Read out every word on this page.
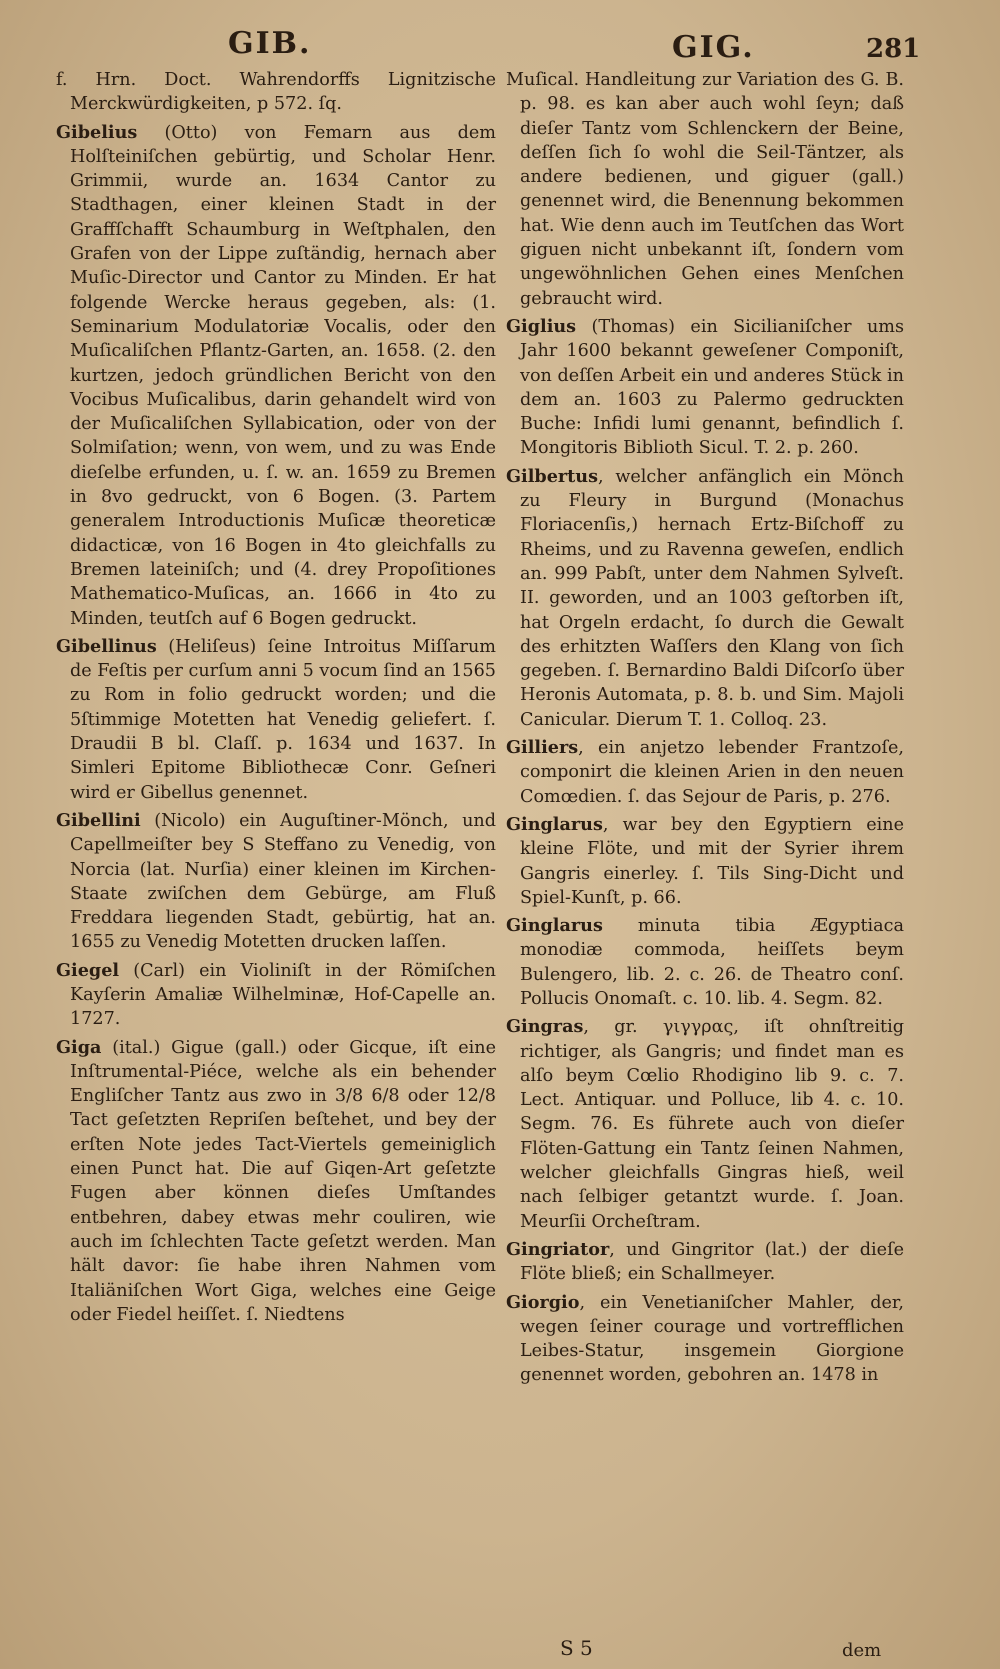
GIB.	GIG.	281

f. Hrn. Doct. Wahrendorffs Lignitzische Merckwürdigkeiten, p 572. ſq.

Gibelius (Otto) von Femarn aus dem Holſteiniſchen gebürtig, und Scholar Henr. Grimmii, wurde an. 1634 Cantor zu Stadthagen, einer kleinen Stadt in der Graffſchafft Schaumburg in Weſtphalen, den Grafen von der Lippe zuſtändig, hernach aber Muſic-Director und Cantor zu Minden. Er hat folgende Wercke heraus gegeben, als: (1. Seminarium Modulatoriæ Vocalis, oder den Muſicaliſchen Pflantz-Garten, an. 1658. (2. den kurtzen, jedoch gründlichen Bericht von den Vocibus Muſicalibus, darin gehandelt wird von der Muſicaliſchen Syllabication, oder von der Solmiſation; wenn, von wem, und zu was Ende dieſelbe erfunden, u. ſ. w. an. 1659 zu Bremen in 8vo gedruckt, von 6 Bogen. (3. Partem generalem Introductionis Muſicæ theoreticæ didacticæ, von 16 Bogen in 4to gleichfalls zu Bremen lateiniſch; und (4. drey Propoſitiones Mathematico-Muſicas, an. 1666 in 4to zu Minden, teutſch auf 6 Bogen gedruckt.

Gibellinus (Heliſeus) ſeine Introitus Miſſarum de Feſtis per curſum anni 5 vocum ſind an 1565 zu Rom in folio gedruckt worden; und die 5ſtimmige Motetten hat Venedig geliefert. ſ. Draudii B bl. Claſſ. p. 1634 und 1637. In Simleri Epitome Bibliothecæ Conr. Geſneri wird er Gibellus genennet.

Gibellini (Nicolo) ein Auguſtiner-Mönch, und Capellmeiſter bey S Steffano zu Venedig, von Norcia (lat. Nurſia) einer kleinen im Kirchen-Staate zwiſchen dem Gebürge, am Fluß Freddara liegenden Stadt, gebürtig, hat an. 1655 zu Venedig Motetten drucken laſſen.

Giegel (Carl) ein Violiniſt in der Römiſchen Kayſerin Amaliæ Wilhelminæ, Hof-Capelle an. 1727.

Giga (ital.) Gigue (gall.) oder Gicque, iſt eine Inſtrumental-Piéce, welche als ein behender Engliſcher Tantz aus zwo in 3/8 6/8 oder 12/8 Tact geſetzten Repriſen beſtehet, und bey der erſten Note jedes Tact-Viertels gemeiniglich einen Punct hat. Die auf Giqen-Art geſetzte Fugen aber können dieſes Umſtandes entbehren, dabey etwas mehr couliren, wie auch im ſchlechten Tacte geſetzt werden. Man hält davor: ſie habe ihren Nahmen vom Italiäniſchen Wort Giga, welches eine Geige oder Fiedel heiſſet. ſ. Niedtens

Muſical. Handleitung zur Variation des G. B. p. 98. es kan aber auch wohl ſeyn; daß dieſer Tantz vom Schlenckern der Beine, deſſen ſich ſo wohl die Seil-Täntzer, als andere bedienen, und giguer (gall.) genennet wird, die Benennung bekommen hat. Wie denn auch im Teutſchen das Wort giguen nicht unbekannt iſt, ſondern vom ungewöhnlichen Gehen eines Menſchen gebraucht wird.

Giglius (Thomas) ein Sicilianiſcher ums Jahr 1600 bekannt geweſener Componiſt, von deſſen Arbeit ein und anderes Stück in dem an. 1603 zu Palermo gedruckten Buche: Infidi lumi genannt, befindlich ſ. Mongitoris Biblioth Sicul. T. 2. p. 260.

Gilbertus, welcher anfänglich ein Mönch zu Fleury in Burgund (Monachus Floriacenſis,) hernach Ertz-Biſchoff zu Rheims, und zu Ravenna geweſen, endlich an. 999 Pabſt, unter dem Nahmen Sylveſt. II. geworden, und an 1003 geſtorben iſt, hat Orgeln erdacht, ſo durch die Gewalt des erhitzten Waſſers den Klang von ſich gegeben. ſ. Bernardino Baldi Diſcorſo über Heronis Automata, p. 8. b. und Sim. Majoli Canicular. Dierum T. 1. Colloq. 23.

Gilliers, ein anjetzo lebender Frantzoſe, componirt die kleinen Arien in den neuen Comœdien. ſ. das Sejour de Paris, p. 276.

Ginglarus, war bey den Egyptiern eine kleine Flöte, und mit der Syrier ihrem Gangris einerley. ſ. Tils Sing-Dicht und Spiel-Kunſt, p. 66.

Ginglarus minuta tibia Ægyptiaca monodiæ commoda, heiſſets beym Bulengero, lib. 2. c. 26. de Theatro conſ. Pollucis Onomaſt. c. 10. lib. 4. Segm. 82.

Gingras, gr. γιγγρας, iſt ohnſtreitig richtiger, als Gangris; und findet man es alſo beym Cœlio Rhodigino lib 9. c. 7. Lect. Antiquar. und Polluce, lib 4. c. 10. Segm. 76. Es führete auch von dieſer Flöten-Gattung ein Tantz ſeinen Nahmen, welcher gleichfalls Gingras hieß, weil nach ſelbiger getantzt wurde. ſ. Joan. Meurſii Orcheſtram.

Gingriator, und Gingritor (lat.) der dieſe Flöte bließ; ein Schallmeyer.

Giorgio, ein Venetianiſcher Mahler, der, wegen ſeiner courage und vortrefflichen Leibes-Statur, insgemein Giorgione genennet worden, gebohren an. 1478 in

S 5	dem
